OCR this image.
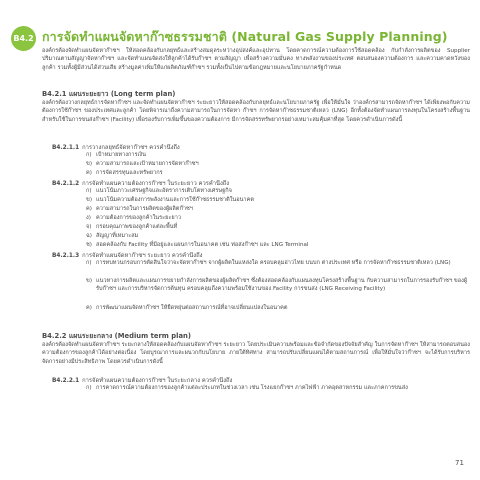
B4.2 การจัดทำแผนจัดหาก๊าซธรรมชาติ (Natural Gas Supply Planning)
องค์กรต้องจัดทำแผนจัดหาก๊าซฯ ให้สอดคล้องกับกลยุทธ์และสร้างสมดุลระหว่างอุปสงค์และอุปทาน โดยคาดการณ์ความต้องการใช้สอดคล้อง กับกำลังการผลิตของ Supplier ปริมาณตามสัญญาจัดหาก๊าซฯ และจัดทำแผนจัดส่งให้ลูกค้าได้รับก๊าซฯ ตามสัญญา เพื่อสร้างความมั่นคง ทางพลังงานของประเทศ ตอบสนองความต้องการ และความคาดหวังของลูกค้า รวมทั้งผู้มีส่วนได้ส่วนเสีย สร้างมูลค่าเพิ่มให้แก่ผลิตภัณฑ์ก๊าซฯ รวมทั้งเป็นไปตามข้อกฎหมายและนโยบายภาครัฐกำหนด
B4.2.1 แผนระยะยาว (Long term plan)
องค์กรต้องวางกลยุทธ์การจัดหาก๊าซฯ และจัดทำแผนจัดหาก๊าซฯ ระยะยาวให้สอดคล้องกับกลยุทธ์และนโยบายภาครัฐ เพื่อให้มั่นใจ ว่าองค์กรสามารถจัดหาก๊าซฯ ได้เพียงพอกับความต้องการใช้ก๊าซฯ ของประเทศและลูกค้า โดยพิจารณาถึงความสามารถในการจัดหา ก๊าซฯ การจัดหาก๊าซธรรมชาติเหลว (LNG) อีกทั้งต้องจัดทำแผนการลงทุนในโครงสร้างพื้นฐานสำหรับใช้ในการขนส่งก๊าซฯ (Facility) เพื่อรองรับการเพิ่มขึ้นของความต้องการ มีการจัดสรรทรัพยากรอย่างเหมาะสมคุ้มค่าที่สุด โดยควรดำเนินการดังนี้
B4.2.1.1 การวางกลยุทธ์จัดหาก๊าซฯ ควรคำนึงถึง
ก) เป้าหมายทางการเงิน
ข) ความสามารถและเป้าหมายการจัดหาก๊าซฯ
ค) การจัดสรรทุนและทรัพยากร
B4.2.1.2 การจัดทำแผนความต้องการก๊าซฯ ในระยะยาว ควรคำนึงถึง
ก) แนวโน้มภาวะเศรษฐกิจและอัตราการเติบโตทางเศรษฐกิจ
ข) แนวโน้มความต้องการพลังงานและการใช้ก๊าซธรรมชาติในอนาคต
ค) ความสามารถในการผลิตของผู้ผลิตก๊าซฯ
ง) ความต้องการของลูกค้าในระยะยาว
จ) กรอบคุณภาพของลูกค้าแต่ละพื้นที่
ฉ) สัญญาที่เหมาะสม
ช) สอดคล้องกับ Facility ที่มีอยู่และแผนการในอนาคต เช่น ท่อส่งก๊าซฯ และ LNG Terminal
B4.2.1.3 การจัดทำแผนจัดหาก๊าซฯ ระยะยาว ควรคำนึงถึง
ก) การทบทวนกรอบการตัดสินใจว่าจะจัดหาก๊าซฯ จากผู้ผลิตในแหล่งใด ครอบคลุมอ่าวไทย บนบก ต่างประเทศ หรือ การจัดหาก๊าซธรรมชาติเหลว (LNG)
ข) แนวทางการผลิตและแผนการขยายกำลังการผลิตของผู้ผลิตก๊าซฯ ซึ่งต้องสอดคล้องกับแผนลงทุนโครงสร้างพื้นฐาน กับความสามารถในการรองรับก๊าซฯ ของผู้รับก๊าซฯ และการบริหารจัดการต้นทุน ครอบคลุมถึงความพร้อมใช้งานของ Facility การขนส่ง (LNG Receiving Facility)
ค) การพัฒนาแผนจัดหาก๊าซฯ ให้ยืดหยุ่นต่อสถานการณ์ที่อาจเปลี่ยนแปลงในอนาคต
B4.2.2 แผนระยะกลาง (Medium term plan)
องค์กรต้องจัดทำแผนจัดหาก๊าซฯ ระยะกลางให้สอดคล้องกับแผนจัดหาก๊าซฯ ระยะยาว โดยประเมินความพร้อมและข้อจำกัดของปัจจัยสำคัญ ในการจัดหาก๊าซฯ ให้สามารถตอบสนองความต้องการของลูกค้าได้อย่างต่อเนื่อง โดยบูรณาการและผนวกกับนโยบาย ภายใต้ทิศทาง สามารถปรับเปลี่ยนแผนได้ตามสถานการณ์ เพื่อให้มั่นใจว่าก๊าซฯ จะได้รับการบริหารจัดการอย่างมีประสิทธิภาพ โดยควรดำเนินการดังนี้
B4.2.2.1 การจัดทำแผนความต้องการก๊าซฯ ในระยะกลาง ควรคำนึงถึง
ก) การคาดการณ์ความต้องการของลูกค้าแต่ละประเภทในช่วงเวลา เช่น โรงแยกก๊าซฯ ภาคไฟฟ้า ภาคอุตสาหกรรม และภาคการขนส่ง
71
